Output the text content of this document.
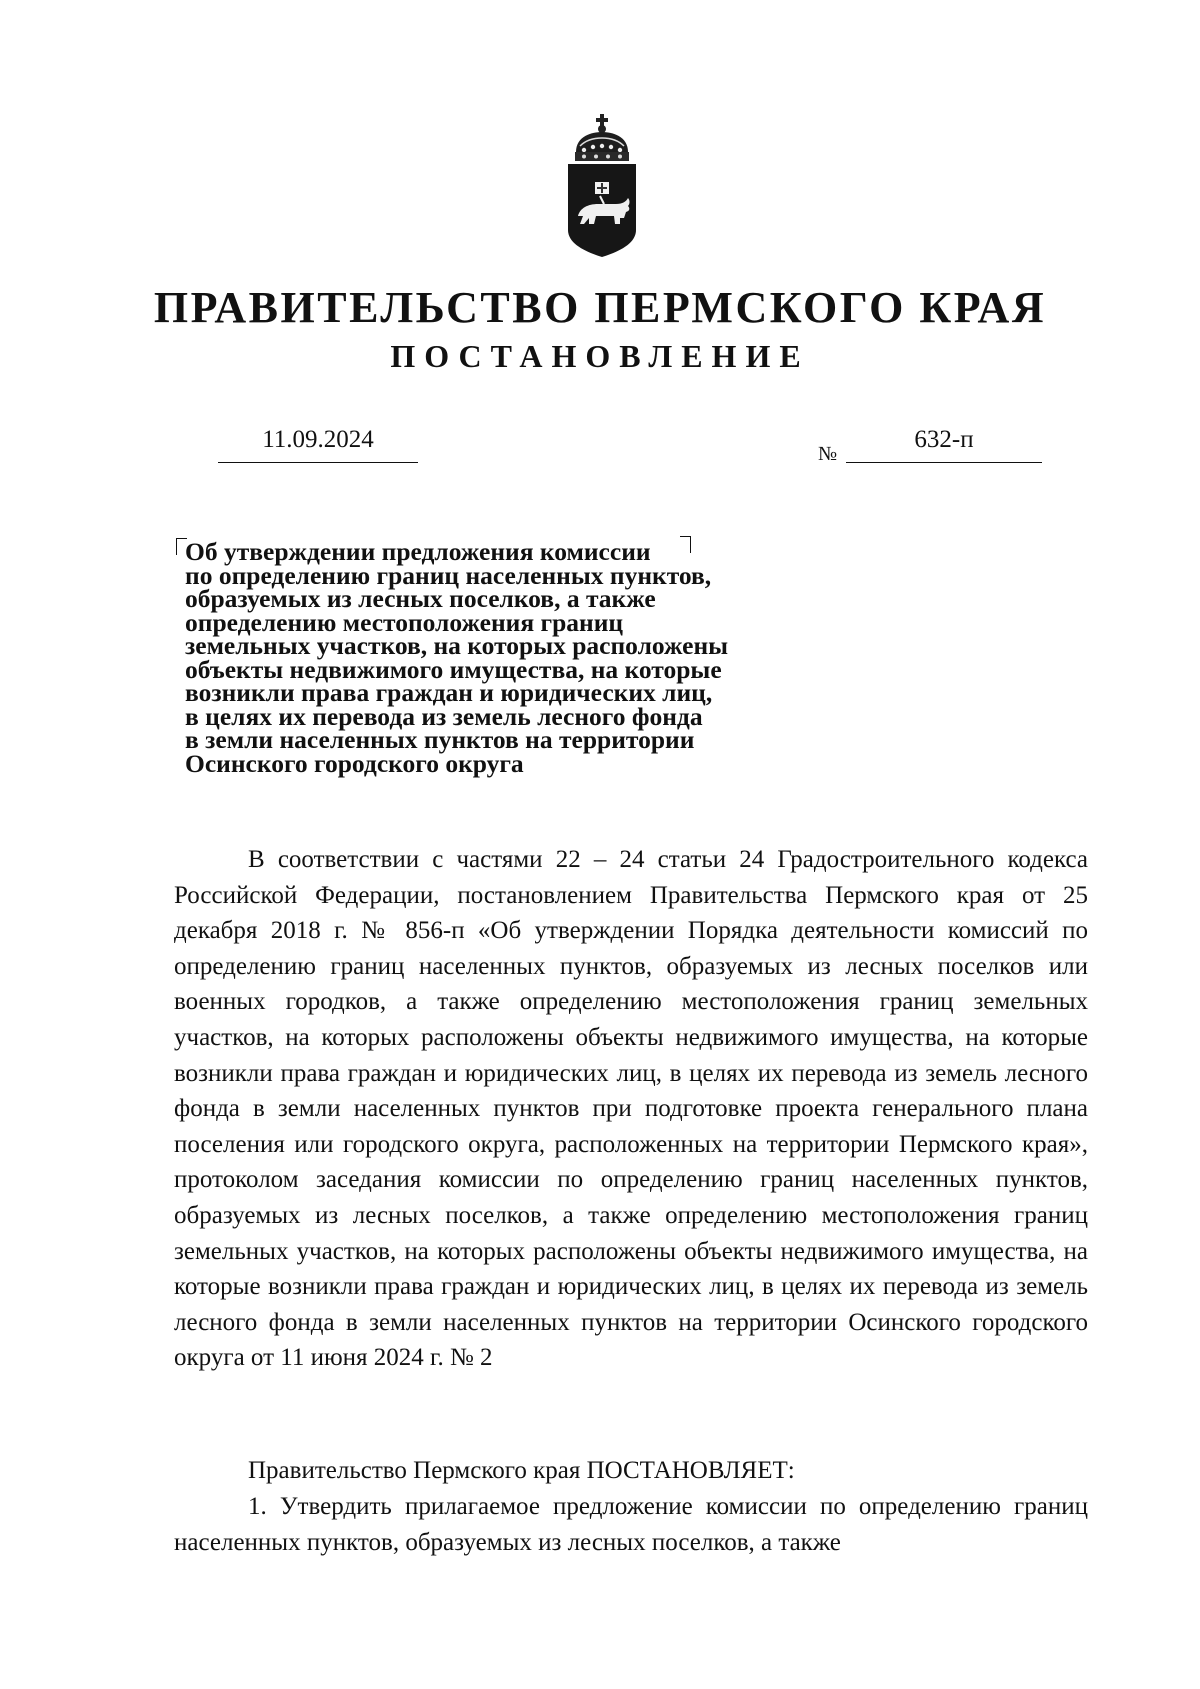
ПРАВИТЕЛЬСТВО ПЕРМСКОГО КРАЯ
ПОСТАНОВЛЕНИЕ
11.09.2024
№
632-п
Об утверждении предложения комиссии
по определению границ населенных пунктов,
образуемых из лесных поселков, а также
определению местоположения границ
земельных участков, на которых расположены
объекты недвижимого имущества, на которые
возникли права граждан и юридических лиц,
в целях их перевода из земель лесного фонда
в земли населенных пунктов на территории
Осинского городского округа

В соответствии с частями 22 – 24 статьи 24 Градостроительного кодекса Российской Федерации, постановлением Правительства Пермского края от 25 декабря 2018 г. № 856-п «Об утверждении Порядка деятельности комиссий по определению границ населенных пунктов, образуемых из лесных поселков или военных городков, а также определению местоположения границ земельных участков, на которых расположены объекты недвижимого имущества, на которые возникли права граждан и юридических лиц, в целях их перевода из земель лесного фонда в земли населенных пунктов при подготовке проекта генерального плана поселения или городского округа, расположенных на территории Пермского края», протоколом заседания комиссии по определению границ населенных пунктов, образуемых из лесных поселков, а также определению местоположения границ земельных участков, на которых расположены объекты недвижимого имущества, на которые возникли права граждан и юридических лиц, в целях их перевода из земель лесного фонда в земли населенных пунктов на территории Осинского городского округа от 11 июня 2024 г. № 2

Правительство Пермского края ПОСТАНОВЛЯЕТ:

1. Утвердить прилагаемое предложение комиссии по определению границ населенных пунктов, образуемых из лесных поселков, а также
